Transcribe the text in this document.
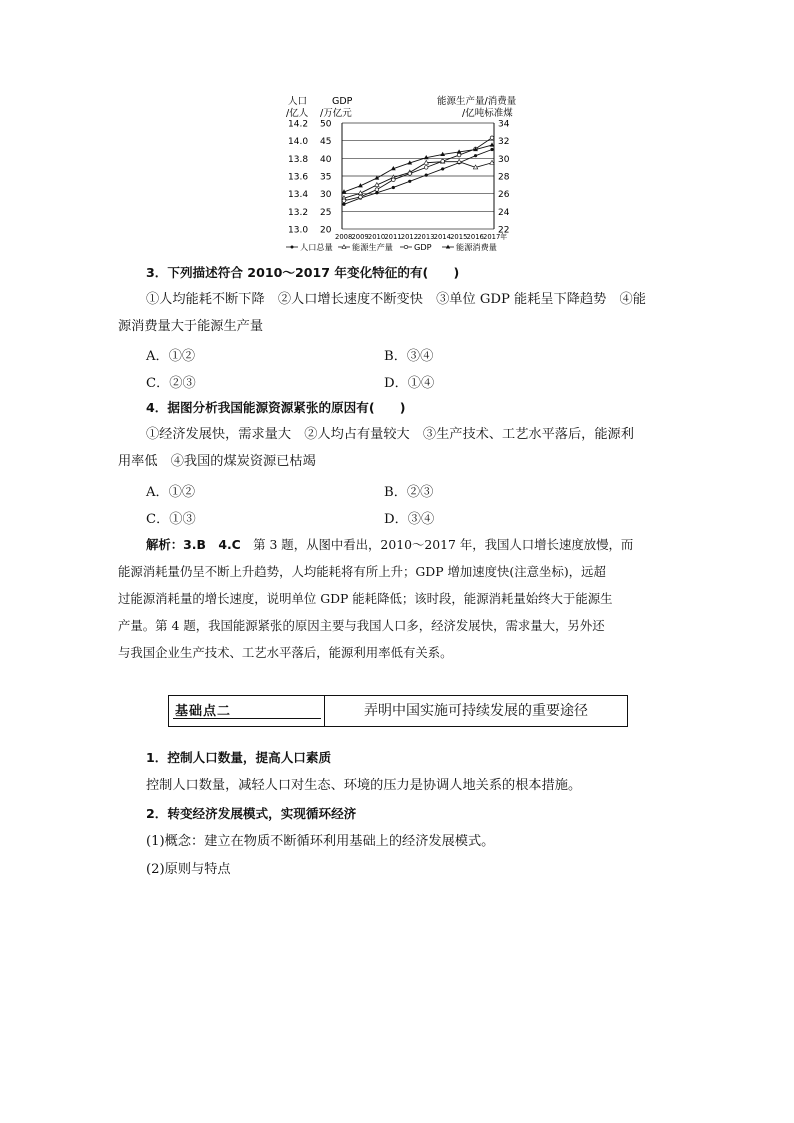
人口
/亿人
GDP
/万亿元
能源生产量/消费量
/亿吨标准煤
14.2 50	34
14.0 45	32
13.8 40	30
13.6 35	28
13.4 30	26
13.2 25	24
13.0 20	22
2008 2009 2010 2011 2012 2013 2014 2015 2016 2017年
人口总量 能源生产量	GDP	能源消费量
3．下列描述符合 2010～2017 年变化特征的有(　　)
①人均能耗不断下降　②人口增长速度不断变快　③单位 GDP 能耗呈下降趋势　④能
源消费量大于能源生产量
A．①②	B．③④
C．②③	D．①④
4．据图分析我国能源资源紧张的原因有(　　)
①经济发展快，需求量大　②人均占有量较大　③生产技术、工艺水平落后，能源利
用率低　④我国的煤炭资源已枯竭
A．①②	B．②③
C．①③	D．③④
解析：3.B　4.C　第 3 题，从图中看出，2010～2017 年，我国人口增长速度放慢，而
能源消耗量仍呈不断上升趋势，人均能耗将有所上升；GDP 增加速度快(注意坐标)，远超
过能源消耗量的增长速度，说明单位 GDP 能耗降低；该时段，能源消耗量始终大于能源生
产量。第 4 题，我国能源紧张的原因主要与我国人口多，经济发展快，需求量大，另外还
与我国企业生产技术、工艺水平落后，能源利用率低有关系。
基础点二	弄明中国实施可持续发展的重要途径
1．控制人口数量，提高人口素质
控制人口数量，减轻人口对生态、环境的压力是协调人地关系的根本措施。
2．转变经济发展模式，实现循环经济
(1)概念：建立在物质不断循环利用基础上的经济发展模式。
(2)原则与特点
